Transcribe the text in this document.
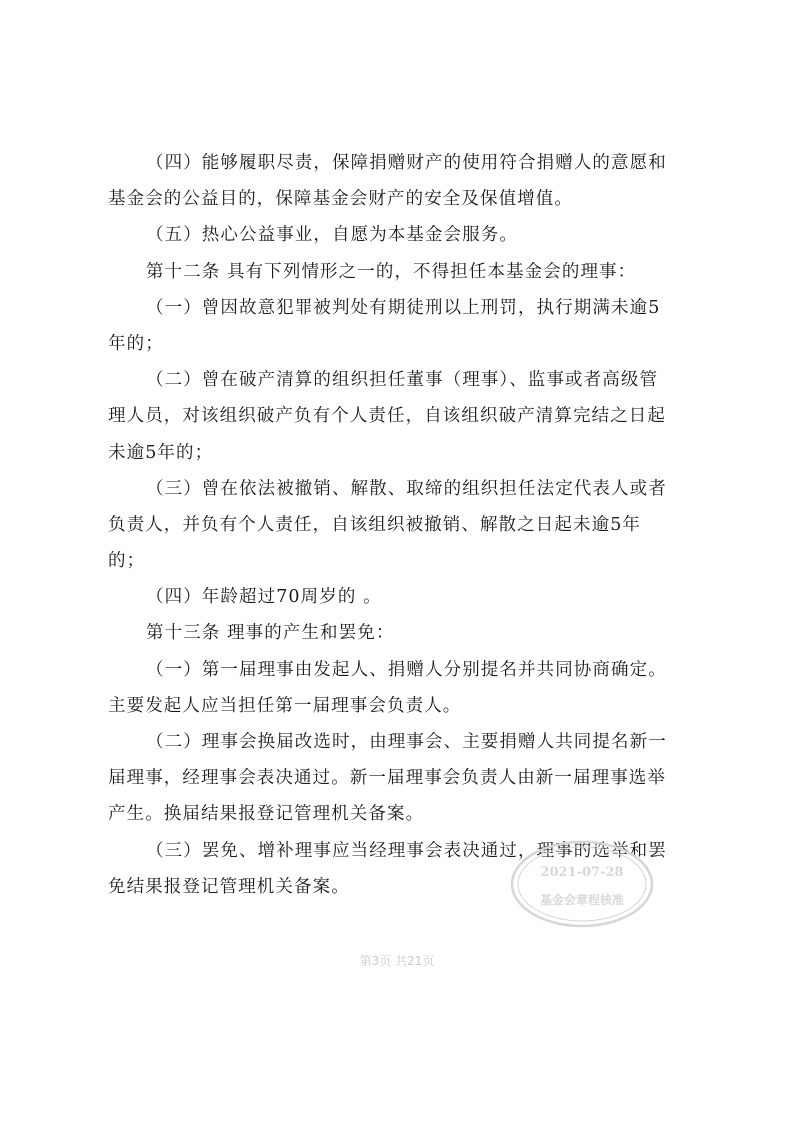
（四）能够履职尽责，保障捐赠财产的使用符合捐赠人的意愿和
基金会的公益目的，保障基金会财产的安全及保值增值。
（五）热心公益事业，自愿为本基金会服务。
第十二条 具有下列情形之一的，不得担任本基金会的理事：
（一）曾因故意犯罪被判处有期徒刑以上刑罚，执行期满未逾5
年的；
（二）曾在破产清算的组织担任董事（理事）、监事或者高级管
理人员，对该组织破产负有个人责任，自该组织破产清算完结之日起
未逾5年的；
（三）曾在依法被撤销、解散、取缔的组织担任法定代表人或者
负责人，并负有个人责任，自该组织被撤销、解散之日起未逾5年
的；
（四）年龄超过70周岁的 。
第十三条 理事的产生和罢免：
（一）第一届理事由发起人、捐赠人分别提名并共同协商确定。
主要发起人应当担任第一届理事会负责人。
（二）理事会换届改选时，由理事会、主要捐赠人共同提名新一
届理事，经理事会表决通过。新一届理事会负责人由新一届理事选举
产生。换届结果报登记管理机关备案。
（三）罢免、增补理事应当经理事会表决通过，理事的选举和罢
免结果报登记管理机关备案。
2021-07-28
基金会章程核准
第3页 共21页
